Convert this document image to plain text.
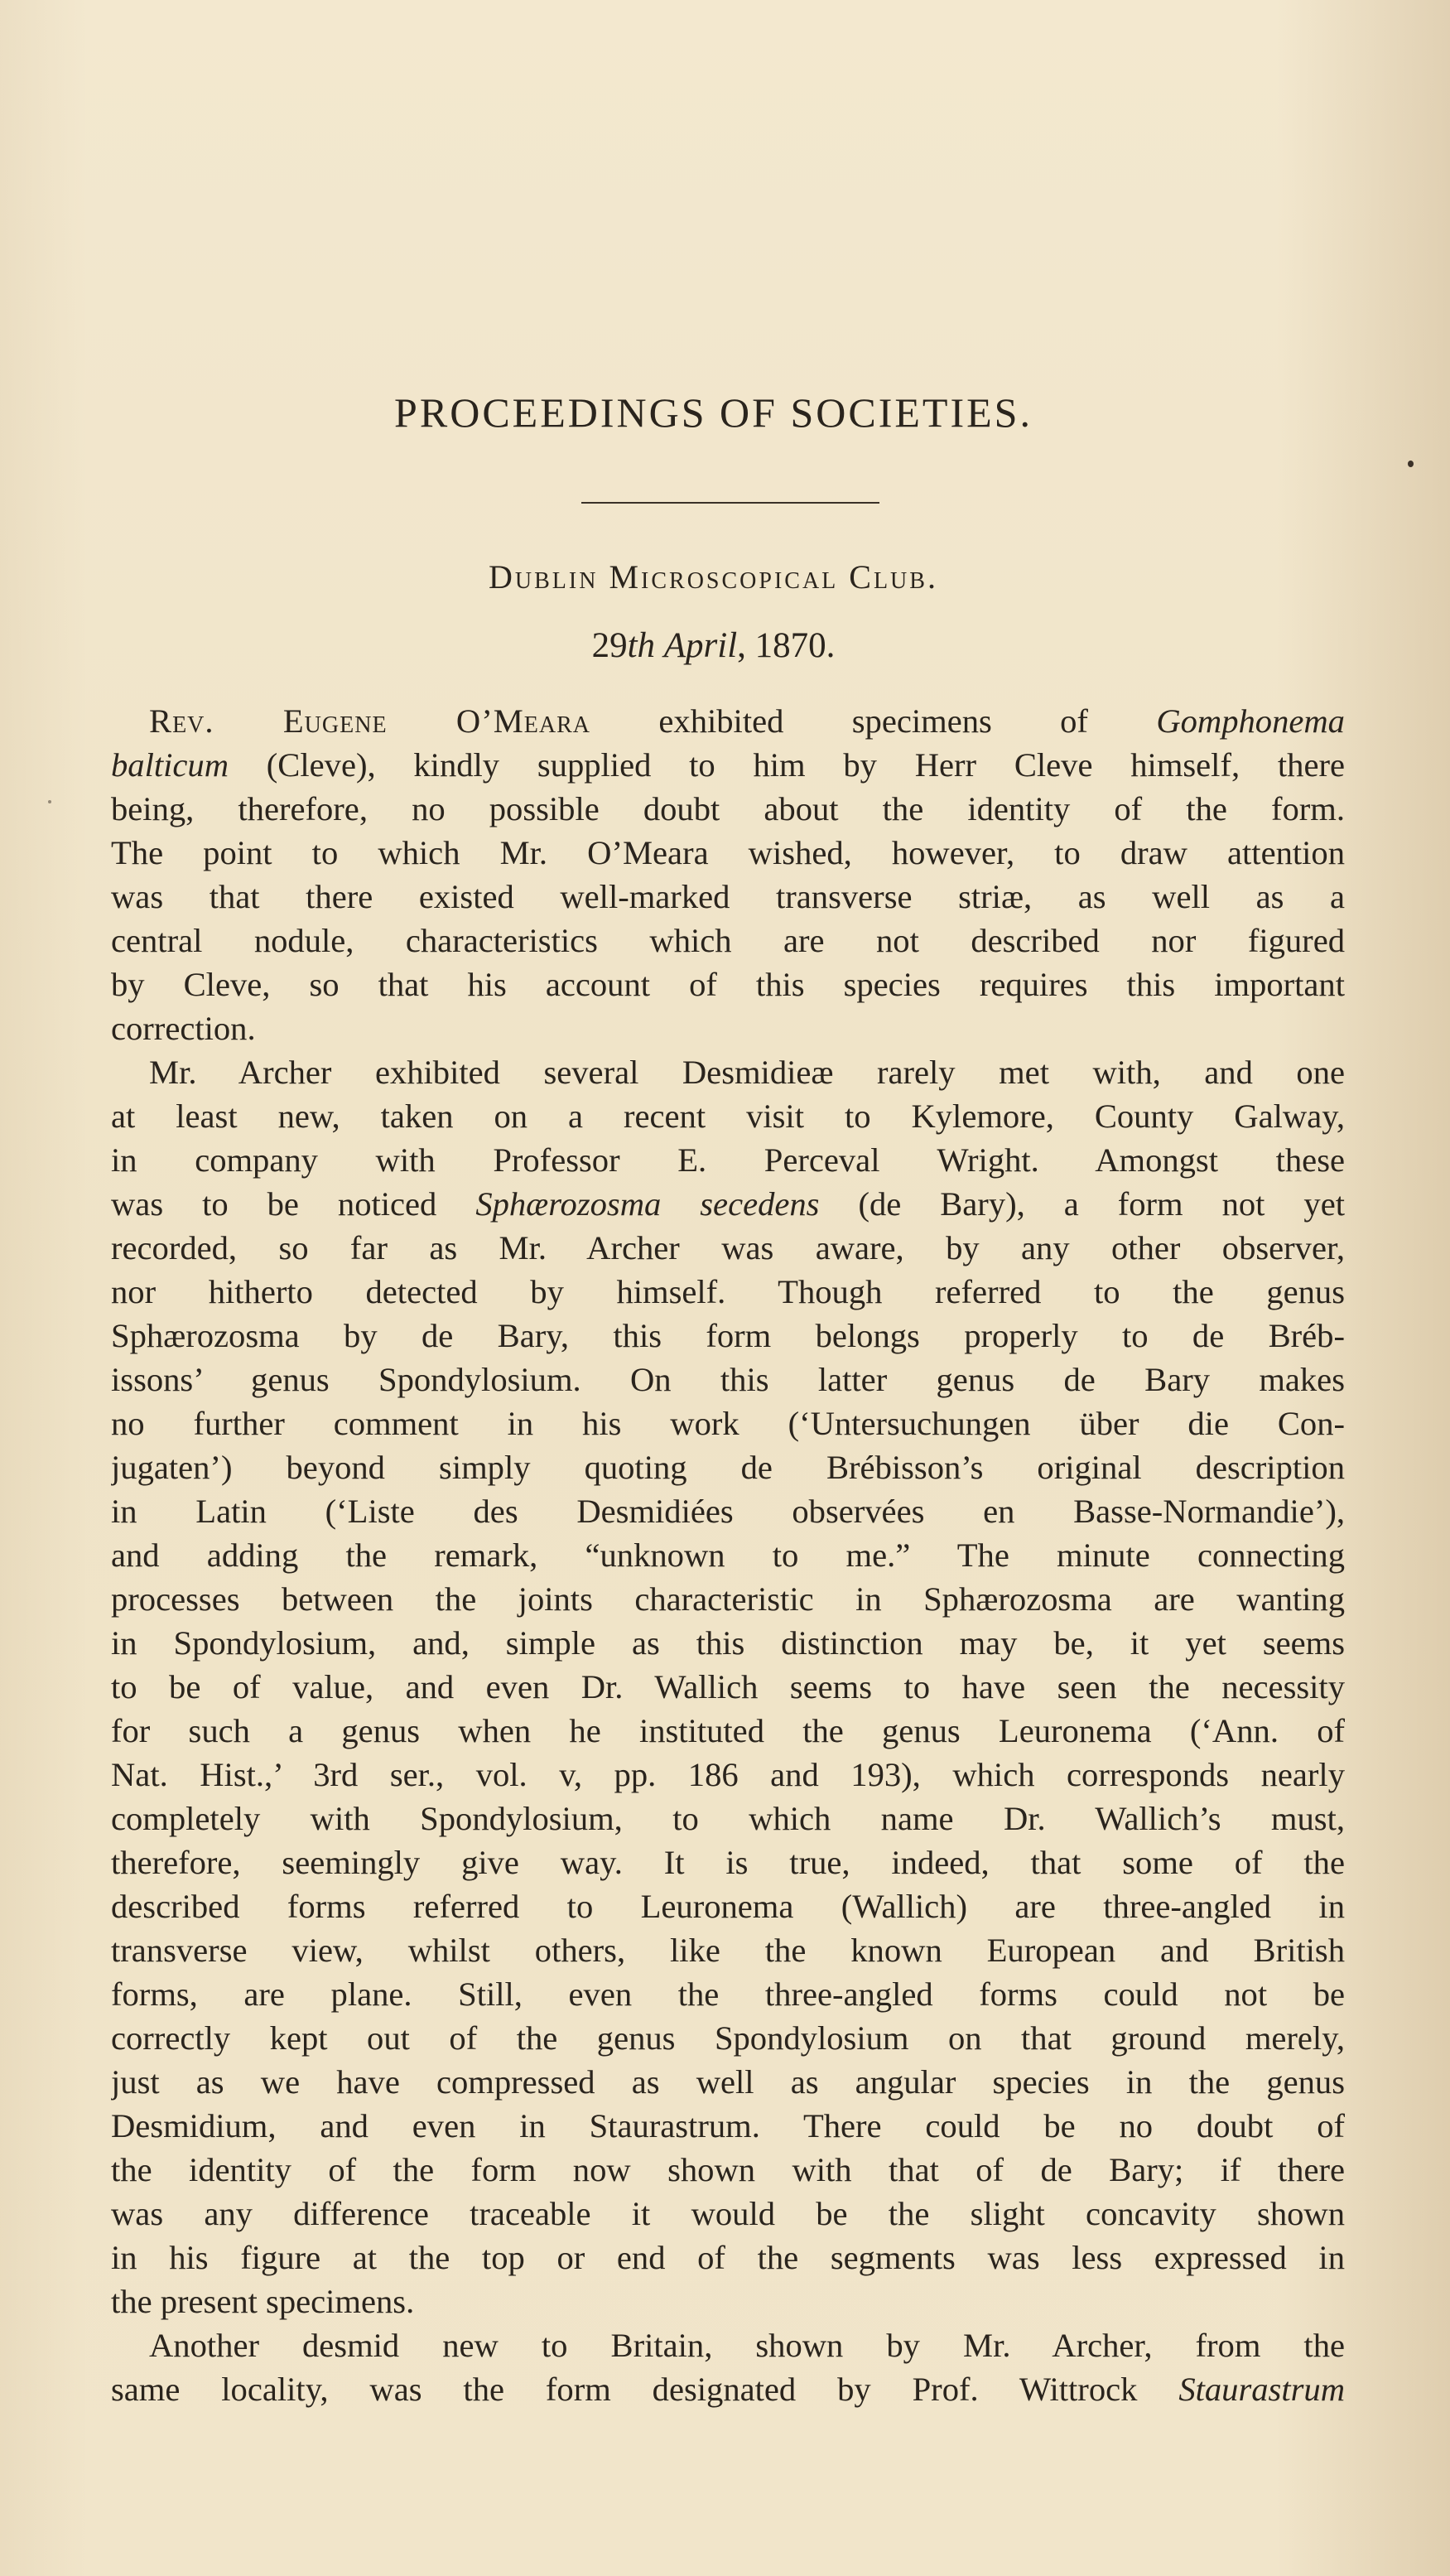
PROCEEDINGS OF SOCIETIES.
Dublin Microscopical Club.
29th April, 1870.
Rev. Eugene O’Meara exhibited specimens of Gomphonema
balticum (Cleve), kindly supplied to him by Herr Cleve himself, there
being, therefore, no possible doubt about the identity of the form.
The point to which Mr. O’Meara wished, however, to draw attention
was that there existed well-marked transverse striæ, as well as a
central nodule, characteristics which are not described nor figured
by Cleve, so that his account of this species requires this important
correction.
Mr. Archer exhibited several Desmidieæ rarely met with, and one
at least new, taken on a recent visit to Kylemore, County Galway,
in company with Professor E. Perceval Wright. Amongst these
was to be noticed Sphærozosma secedens (de Bary), a form not yet
recorded, so far as Mr. Archer was aware, by any other observer,
nor hitherto detected by himself. Though referred to the genus
Sphærozosma by de Bary, this form belongs properly to de Bréb-
issons’ genus Spondylosium. On this latter genus de Bary makes
no further comment in his work (‘Untersuchungen über die Con-
jugaten’) beyond simply quoting de Brébisson’s original description
in Latin (‘Liste des Desmidiées observées en Basse-Normandie’),
and adding the remark, “unknown to me.” The minute connecting
processes between the joints characteristic in Sphærozosma are wanting
in Spondylosium, and, simple as this distinction may be, it yet seems
to be of value, and even Dr. Wallich seems to have seen the necessity
for such a genus when he instituted the genus Leuronema (‘Ann. of
Nat. Hist.,’ 3rd ser., vol. v, pp. 186 and 193), which corresponds nearly
completely with Spondylosium, to which name Dr. Wallich’s must,
therefore, seemingly give way. It is true, indeed, that some of the
described forms referred to Leuronema (Wallich) are three-angled in
transverse view, whilst others, like the known European and British
forms, are plane. Still, even the three-angled forms could not be
correctly kept out of the genus Spondylosium on that ground merely,
just as we have compressed as well as angular species in the genus
Desmidium, and even in Staurastrum. There could be no doubt of
the identity of the form now shown with that of de Bary; if there
was any difference traceable it would be the slight concavity shown
in his figure at the top or end of the segments was less expressed in
the present specimens.
Another desmid new to Britain, shown by Mr. Archer, from the
same locality, was the form designated by Prof. Wittrock Staurastrum
